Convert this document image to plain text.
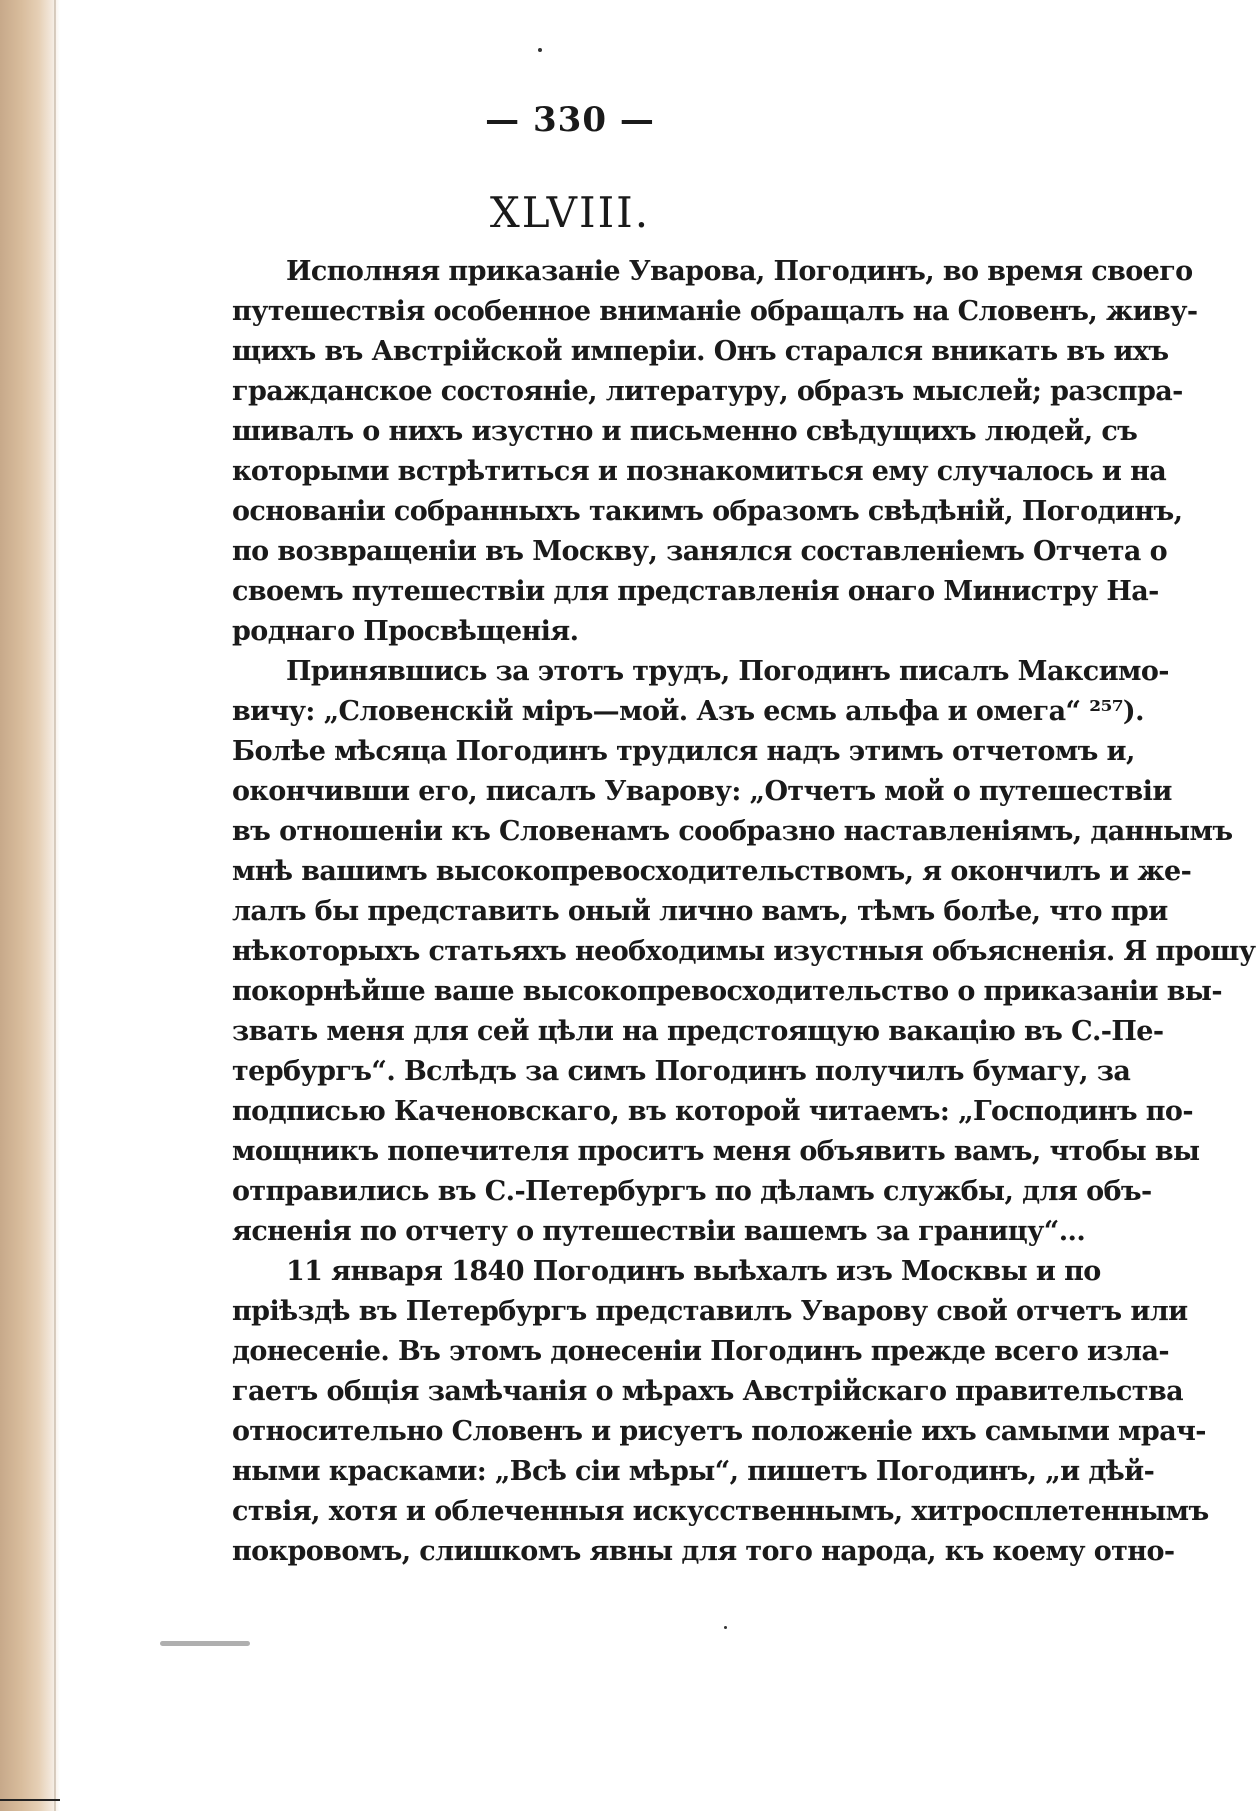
— 330 —
XLVIII.
Исполняя приказаніе Уварова, Погодинъ, во время своего
путешествія особенное вниманіе обращалъ на Словенъ, живу-
щихъ въ Австрійской имперіи. Онъ старался вникать въ ихъ
гражданское состояніе, литературу, образъ мыслей; разспра-
шивалъ о нихъ изустно и письменно свѣдущихъ людей, съ
которыми встрѣтиться и познакомиться ему случалось и на
основаніи собранныхъ такимъ образомъ свѣдѣній, Погодинъ,
по возвращеніи въ Москву, занялся составленіемъ Отчета о
своемъ путешествіи для представленія онаго Министру На-
роднаго Просвѣщенія.
Принявшись за этотъ трудъ, Погодинъ писалъ Максимо-
вичу: „Словенскій міръ—мой. Азъ есмь альфа и омега“ ²⁵⁷).
Болѣе мѣсяца Погодинъ трудился надъ этимъ отчетомъ и,
окончивши его, писалъ Уварову: „Отчетъ мой о путешествіи
въ отношеніи къ Словенамъ сообразно наставленіямъ, даннымъ
мнѣ вашимъ высокопревосходительствомъ, я окончилъ и же-
лалъ бы представить оный лично вамъ, тѣмъ болѣе, что при
нѣкоторыхъ статьяхъ необходимы изустныя объясненія. Я прошу
покорнѣйше ваше высокопревосходительство о приказаніи вы-
звать меня для сей цѣли на предстоящую вакацію въ С.-Пе-
тербургъ“. Вслѣдъ за симъ Погодинъ получилъ бумагу, за
подписью Каченовскаго, въ которой читаемъ: „Господинъ по-
мощникъ попечителя проситъ меня объявить вамъ, чтобы вы
отправились въ С.-Петербургъ по дѣламъ службы, для объ-
ясненія по отчету о путешествіи вашемъ за границу“...
11 января 1840 Погодинъ выѣхалъ изъ Москвы и по
пріѣздѣ въ Петербургъ представилъ Уварову свой отчетъ или
донесеніе. Въ этомъ донесеніи Погодинъ прежде всего излa-
гаетъ общія замѣчанія о мѣрахъ Австрійскаго правительства
относительно Словенъ и рисуетъ положеніе ихъ самыми мрач-
ными красками: „Всѣ сіи мѣры“, пишетъ Погодинъ, „и дѣй-
ствія, хотя и облеченныя искусственнымъ, хитросплетеннымъ
покровомъ, слишкомъ явны для того народа, къ коему отно-
